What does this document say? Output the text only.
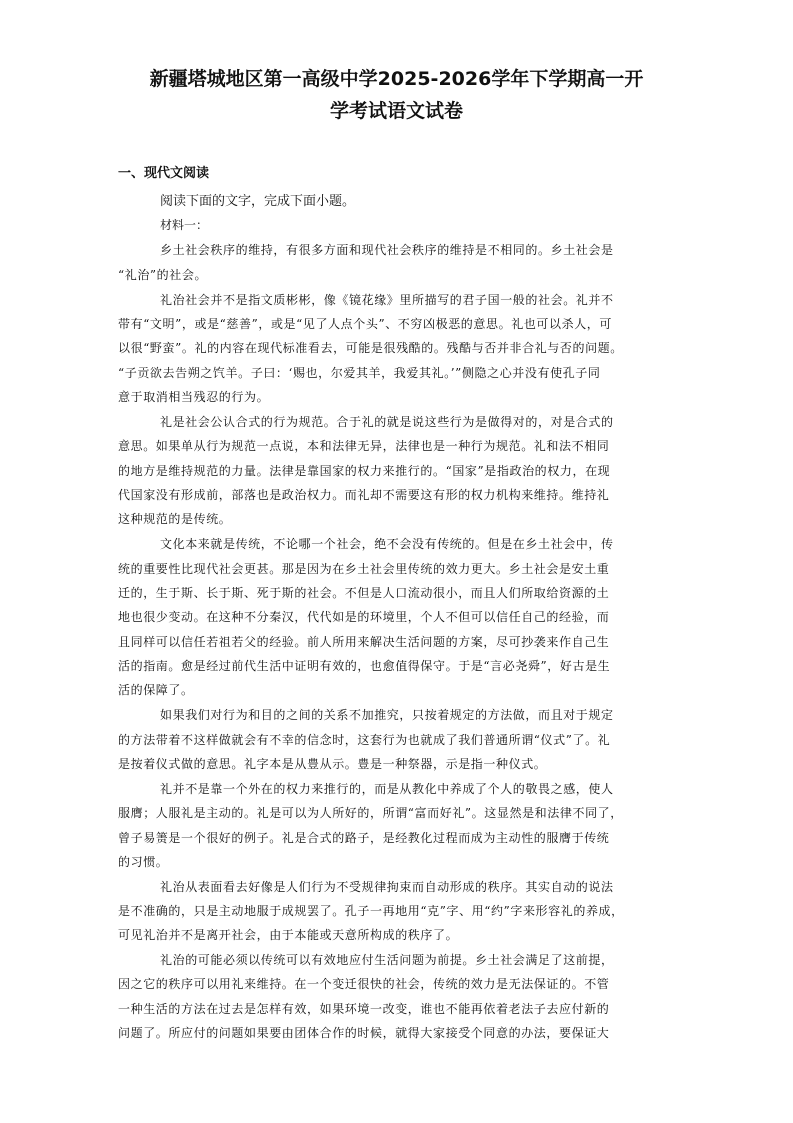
新疆塔城地区第一高级中学2025-2026学年下学期高一开
学考试语文试卷
一、现代文阅读
阅读下面的文字，完成下面小题。
材料一：
乡土社会秩序的维持，有很多方面和现代社会秩序的维持是不相同的。乡土社会是
“礼治”的社会。
礼治社会并不是指文质彬彬，像《镜花缘》里所描写的君子国一般的社会。礼并不
带有“文明”，或是“慈善”，或是“见了人点个头”、不穷凶极恶的意思。礼也可以杀人，可
以很“野蛮”。礼的内容在现代标准看去，可能是很残酷的。残酷与否并非合礼与否的问题。
“子贡欲去告朔之饩羊。子曰：‘赐也，尔爱其羊，我爱其礼。’”侧隐之心并没有使孔子同
意于取消相当残忍的行为。
礼是社会公认合式的行为规范。合于礼的就是说这些行为是做得对的，对是合式的
意思。如果单从行为规范一点说，本和法律无异，法律也是一种行为规范。礼和法不相同
的地方是维持规范的力量。法律是靠国家的权力来推行的。“国家”是指政治的权力，在现
代国家没有形成前，部落也是政治权力。而礼却不需要这有形的权力机构来维持。维持礼
这种规范的是传统。
文化本来就是传统，不论哪一个社会，绝不会没有传统的。但是在乡土社会中，传
统的重要性比现代社会更甚。那是因为在乡土社会里传统的效力更大。乡土社会是安土重
迁的，生于斯、长于斯、死于斯的社会。不但是人口流动很小，而且人们所取给资源的土
地也很少变动。在这种不分秦汉，代代如是的环境里，个人不但可以信任自己的经验，而
且同样可以信任若祖若父的经验。前人所用来解决生活问题的方案，尽可抄袭来作自己生
活的指南。愈是经过前代生活中证明有效的，也愈值得保守。于是“言必尧舜”，好古是生
活的保障了。
如果我们对行为和目的之间的关系不加推究，只按着规定的方法做，而且对于规定
的方法带着不这样做就会有不幸的信念时，这套行为也就成了我们普通所谓“仪式”了。礼
是按着仪式做的意思。礼字本是从豊从示。豊是一种祭器，示是指一种仪式。
礼并不是靠一个外在的权力来推行的，而是从教化中养成了个人的敬畏之感，使人
服膺；人服礼是主动的。礼是可以为人所好的，所谓“富而好礼”。这显然是和法律不同了，
曾子易箦是一个很好的例子。礼是合式的路子，是经教化过程而成为主动性的服膺于传统
的习惯。
礼治从表面看去好像是人们行为不受规律拘束而自动形成的秩序。其实自动的说法
是不准确的，只是主动地服于成规罢了。孔子一再地用“克”字、用“约”字来形容礼的养成，
可见礼治并不是离开社会，由于本能或天意所构成的秩序了。
礼治的可能必须以传统可以有效地应付生活问题为前提。乡土社会满足了这前提，
因之它的秩序可以用礼来维持。在一个变迁很快的社会，传统的效力是无法保证的。不管
一种生活的方法在过去是怎样有效，如果环境一改变，谁也不能再依着老法子去应付新的
问题了。所应付的问题如果要由团体合作的时候，就得大家接受个同意的办法，要保证大
